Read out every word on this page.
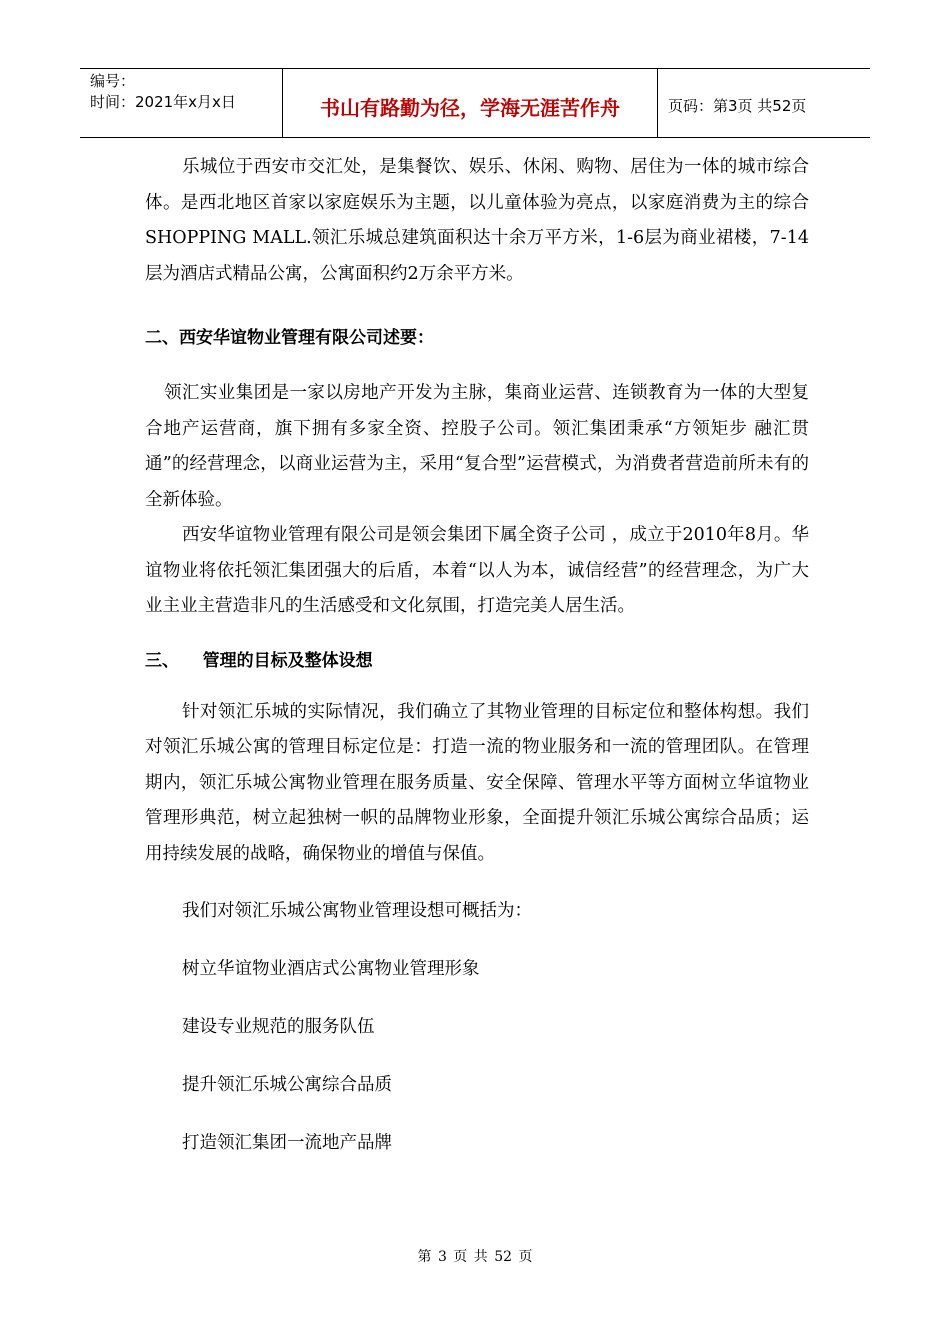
编号：
时间：2021年x月x日	书山有路勤为径，学海无涯苦作舟	页码：第3页 共52页

乐城位于西安市交汇处，是集餐饮、娱乐、休闲、购物、居住为一体的城市综合体。是西北地区首家以家庭娱乐为主题，以儿童体验为亮点，以家庭消费为主的综合SHOPPING MALL.领汇乐城总建筑面积达十余万平方米，1-6层为商业裙楼，7-14层为酒店式精品公寓，公寓面积约2万余平方米。

二、西安华谊物业管理有限公司述要：

领汇实业集团是一家以房地产开发为主脉，集商业运营、连锁教育为一体的大型复合地产运营商，旗下拥有多家全资、控股子公司。领汇集团秉承“方领矩步 融汇贯通”的经营理念，以商业运营为主，采用“复合型”运营模式，为消费者营造前所未有的全新体验。

西安华谊物业管理有限公司是领会集团下属全资子公司 ，成立于2010年8月。华谊物业将依托领汇集团强大的后盾，本着“以人为本，诚信经营”的经营理念，为广大业主业主营造非凡的生活感受和文化氛围，打造完美人居生活。

三、    管理的目标及整体设想

针对领汇乐城的实际情况，我们确立了其物业管理的目标定位和整体构想。我们对领汇乐城公寓的管理目标定位是：打造一流的物业服务和一流的管理团队。在管理期内，领汇乐城公寓物业管理在服务质量、安全保障、管理水平等方面树立华谊物业管理形典范，树立起独树一帜的品牌物业形象，全面提升领汇乐城公寓综合品质；运用持续发展的战略，确保物业的增值与保值。

我们对领汇乐城公寓物业管理设想可概括为：

树立华谊物业酒店式公寓物业管理形象

建设专业规范的服务队伍

提升领汇乐城公寓综合品质

打造领汇集团一流地产品牌

第 3 页 共 52 页
